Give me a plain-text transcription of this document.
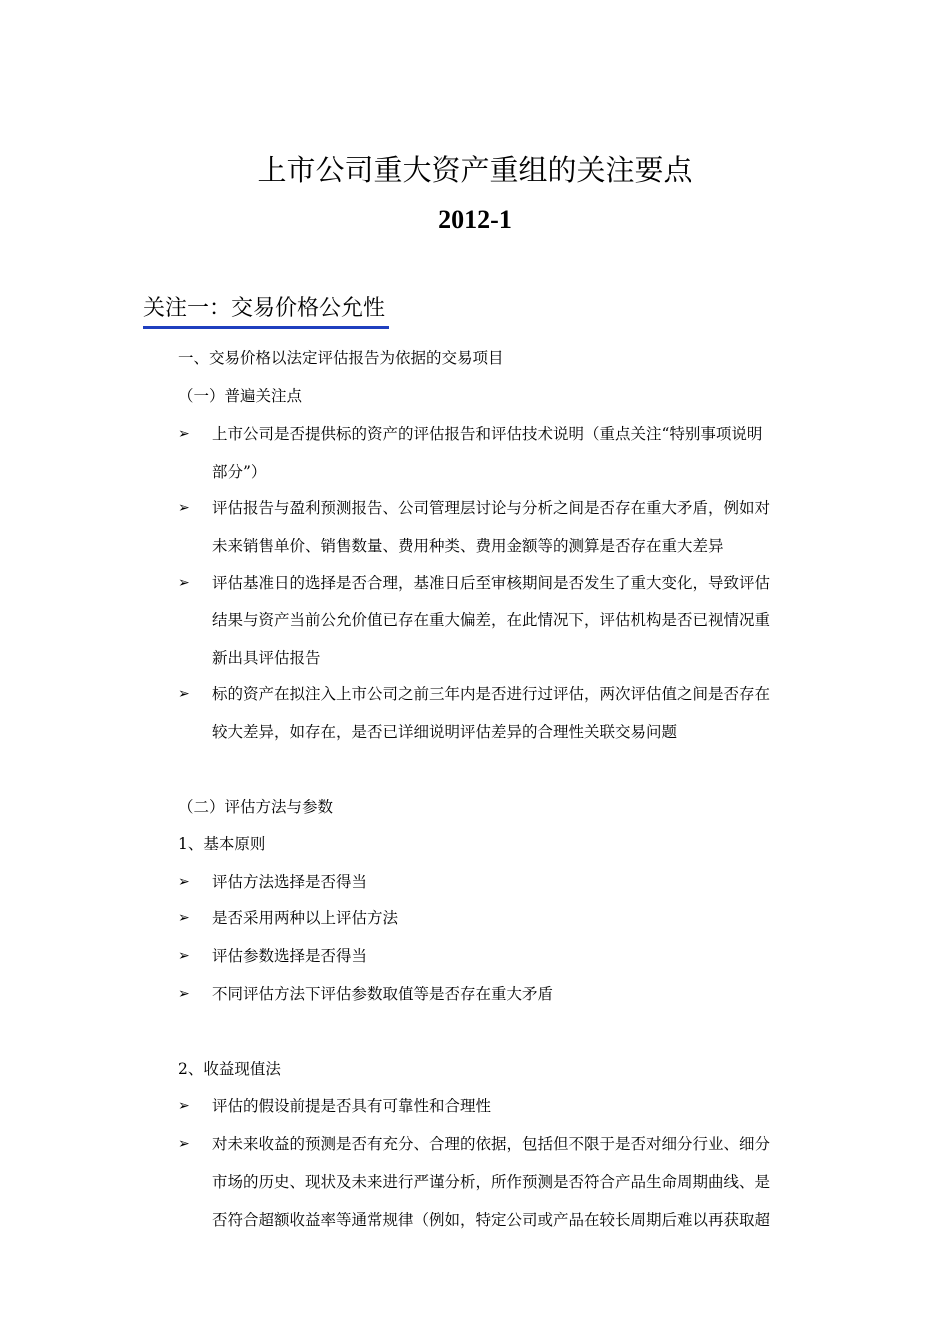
上市公司重大资产重组的关注要点
2012-1
关注一：交易价格公允性
一、交易价格以法定评估报告为依据的交易项目
（一）普遍关注点
➢ 上市公司是否提供标的资产的评估报告和评估技术说明（重点关注“特别事项说明
部分”）
➢ 评估报告与盈利预测报告、公司管理层讨论与分析之间是否存在重大矛盾，例如对
未来销售单价、销售数量、费用种类、费用金额等的测算是否存在重大差异
➢ 评估基准日的选择是否合理，基准日后至审核期间是否发生了重大变化，导致评估
结果与资产当前公允价值已存在重大偏差，在此情况下，评估机构是否已视情况重
新出具评估报告
➢ 标的资产在拟注入上市公司之前三年内是否进行过评估，两次评估值之间是否存在
较大差异，如存在，是否已详细说明评估差异的合理性关联交易问题
（二）评估方法与参数
1、基本原则
➢ 评估方法选择是否得当
➢ 是否采用两种以上评估方法
➢ 评估参数选择是否得当
➢ 不同评估方法下评估参数取值等是否存在重大矛盾
2、收益现值法
➢ 评估的假设前提是否具有可靠性和合理性
➢ 对未来收益的预测是否有充分、合理的依据，包括但不限于是否对细分行业、细分
市场的历史、现状及未来进行严谨分析，所作预测是否符合产品生命周期曲线、是
否符合超额收益率等通常规律（例如，特定公司或产品在较长周期后难以再获取超
